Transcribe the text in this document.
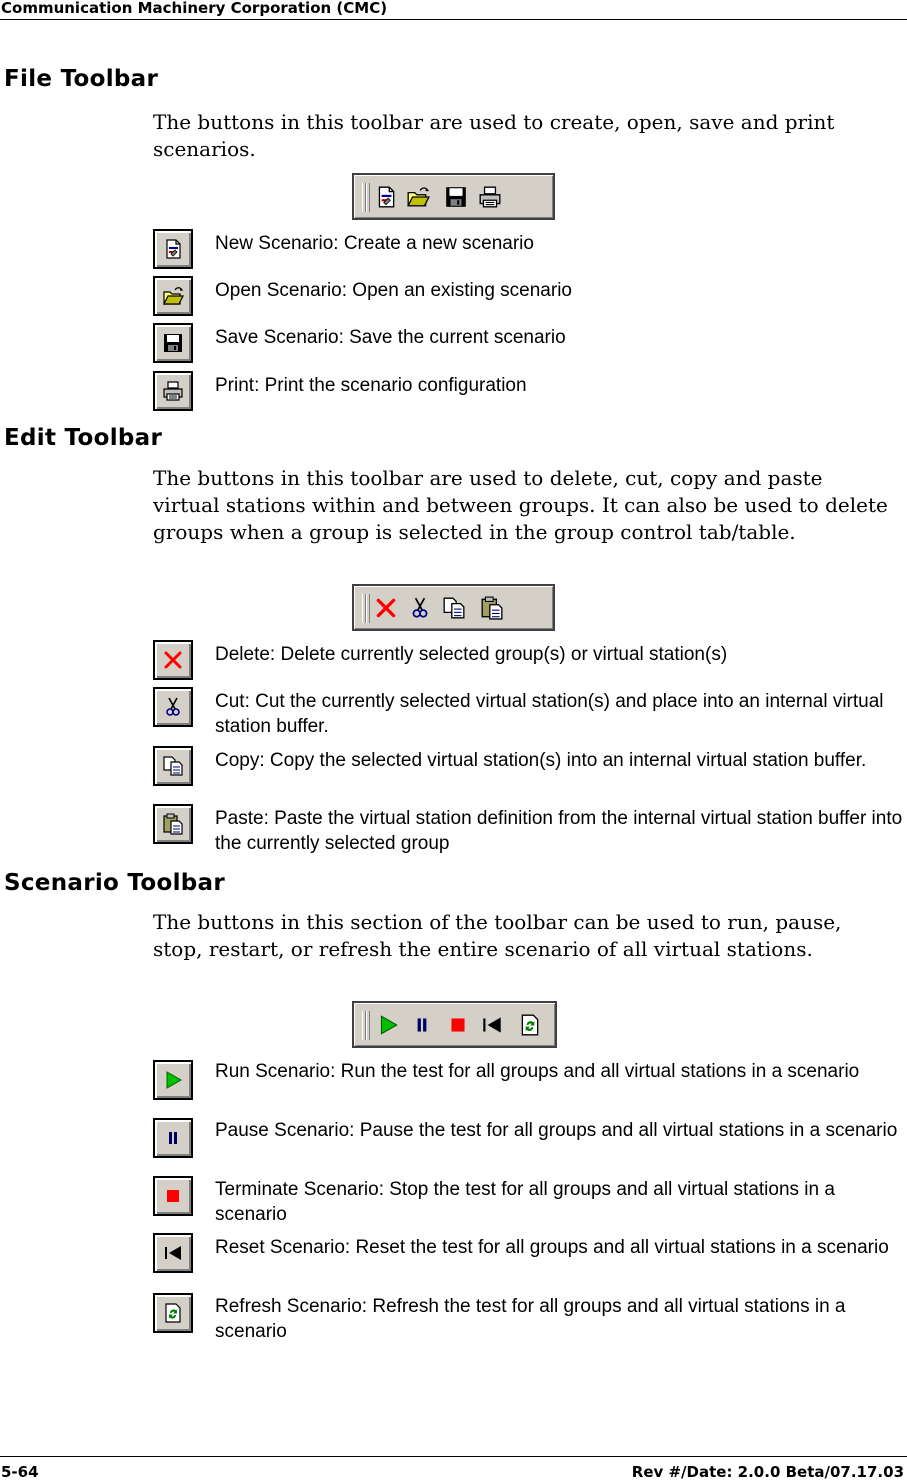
Communication Machinery Corporation (CMC)
File Toolbar

The buttons in this toolbar are used to create, open, save and print scenarios.

New Scenario: Create a new scenario
Open Scenario: Open an existing scenario
Save Scenario: Save the current scenario
Print: Print the scenario configuration
Edit Toolbar

The buttons in this toolbar are used to delete, cut, copy and paste virtual stations within and between groups. It can also be used to delete groups when a group is selected in the group control tab/table.

Delete: Delete currently selected group(s) or virtual station(s)
Cut: Cut the currently selected virtual station(s) and place into an internal virtual station buffer.
Copy: Copy the selected virtual station(s) into an internal virtual station buffer.
Paste: Paste the virtual station definition from the internal virtual station buffer into the currently selected group
Scenario Toolbar

The buttons in this section of the toolbar can be used to run, pause, stop, restart, or refresh the entire scenario of all virtual stations.

Run Scenario: Run the test for all groups and all virtual stations in a scenario
Pause Scenario: Pause the test for all groups and all virtual stations in a scenario
Terminate Scenario: Stop the test for all groups and all virtual stations in a scenario
Reset Scenario: Reset the test for all groups and all virtual stations in a scenario
Refresh Scenario: Refresh the test for all groups and all virtual stations in a scenario
5-64	Rev #/Date: 2.0.0 Beta/07.17.03
